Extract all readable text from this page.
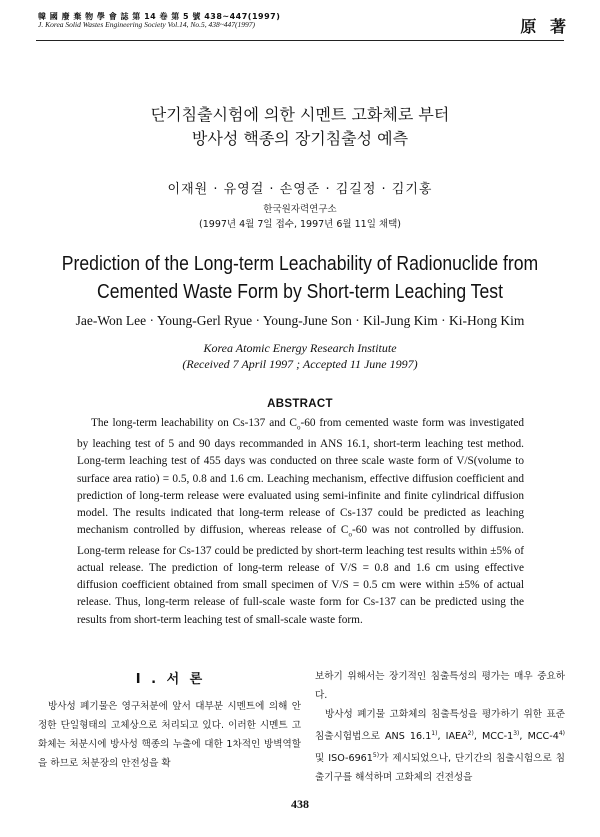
韓 國 廢 棄 物 學 會 誌 第 14 卷 第 5 號 438~447(1997)
J. Korea Solid Wastes Engineering Society Vol.14, No.5, 438~447(1997)	原 著
단기침출시험에 의한 시멘트 고화체로 부터
방사성 핵종의 장기침출성 예측
이재원 · 유영걸 · 손영준 · 김길정 · 김기홍
한국원자력연구소
(1997년 4월 7일 접수, 1997년 6월 11일 채택)
Prediction of the Long-term Leachability of Radionuclide from
Cemented Waste Form by Short-term Leaching Test
Jae-Won Lee · Young-Gerl Ryue · Young-June Son · Kil-Jung Kim · Ki-Hong Kim
Korea Atomic Energy Research Institute
(Received 7 April 1997 ; Accepted 11 June 1997)
ABSTRACT
The long-term leachability on Cs-137 and $C_o-60$ from cemented waste form was investigated by leaching test of 5 and 90 days recommanded in ANS 16.1, short-term leaching test method. Long-term leaching test of 455 days was conducted on three scale waste form of V/S(volume to surface area ratio) = 0.5, 0.8 and 1.6 cm. Leaching mechanism, effective diffusion coefficient and prediction of long-term release were evaluated using semi-infinite and finite cylindrical diffusion model. The results indicated that long-term release of Cs-137 could be predicted as leaching mechanism controlled by diffusion, whereas release of $C_o-60$ was not controlled by diffusion. Long-term release for Cs-137 could be predicted by short-term leaching test results within ±5% of actual release. The prediction of long-term release of V/S = 0.8 and 1.6 cm using effective diffusion coefficient obtained from small specimen of V/S = 0.5 cm were within ±5% of actual release. Thus, long-term release of full-scale waste form for Cs-137 can be predicted using the results from short-term leaching test of small-scale waste form.
I . 서 론
방사성 폐기물은 영구처분에 앞서 대부분 시멘트에 의해 안정한 단일형태의 고체상으로 처리되고 있다. 이러한 시멘트 고화체는 처분시에 방사성 핵종의 누출에 대한 1차적인 방벽역할을 하므로 처분장의 안전성을 확

보하기 위해서는 장기적인 침출특성의 평가는 매우 중요하다.

방사성 폐기물 고화체의 침출특성을 평가하기 위한 표준침출시험법으로 ANS 16.1$^{1)}$, IAEA$^{2)}$, MCC-1$^{3)}$, MCC-4$^{4)}$ 및 ISO-6961$^{5)}$가 제시되었으나, 단기간의 침출시험으로 침출기구를 해석하며 고화체의 건전성을

438
